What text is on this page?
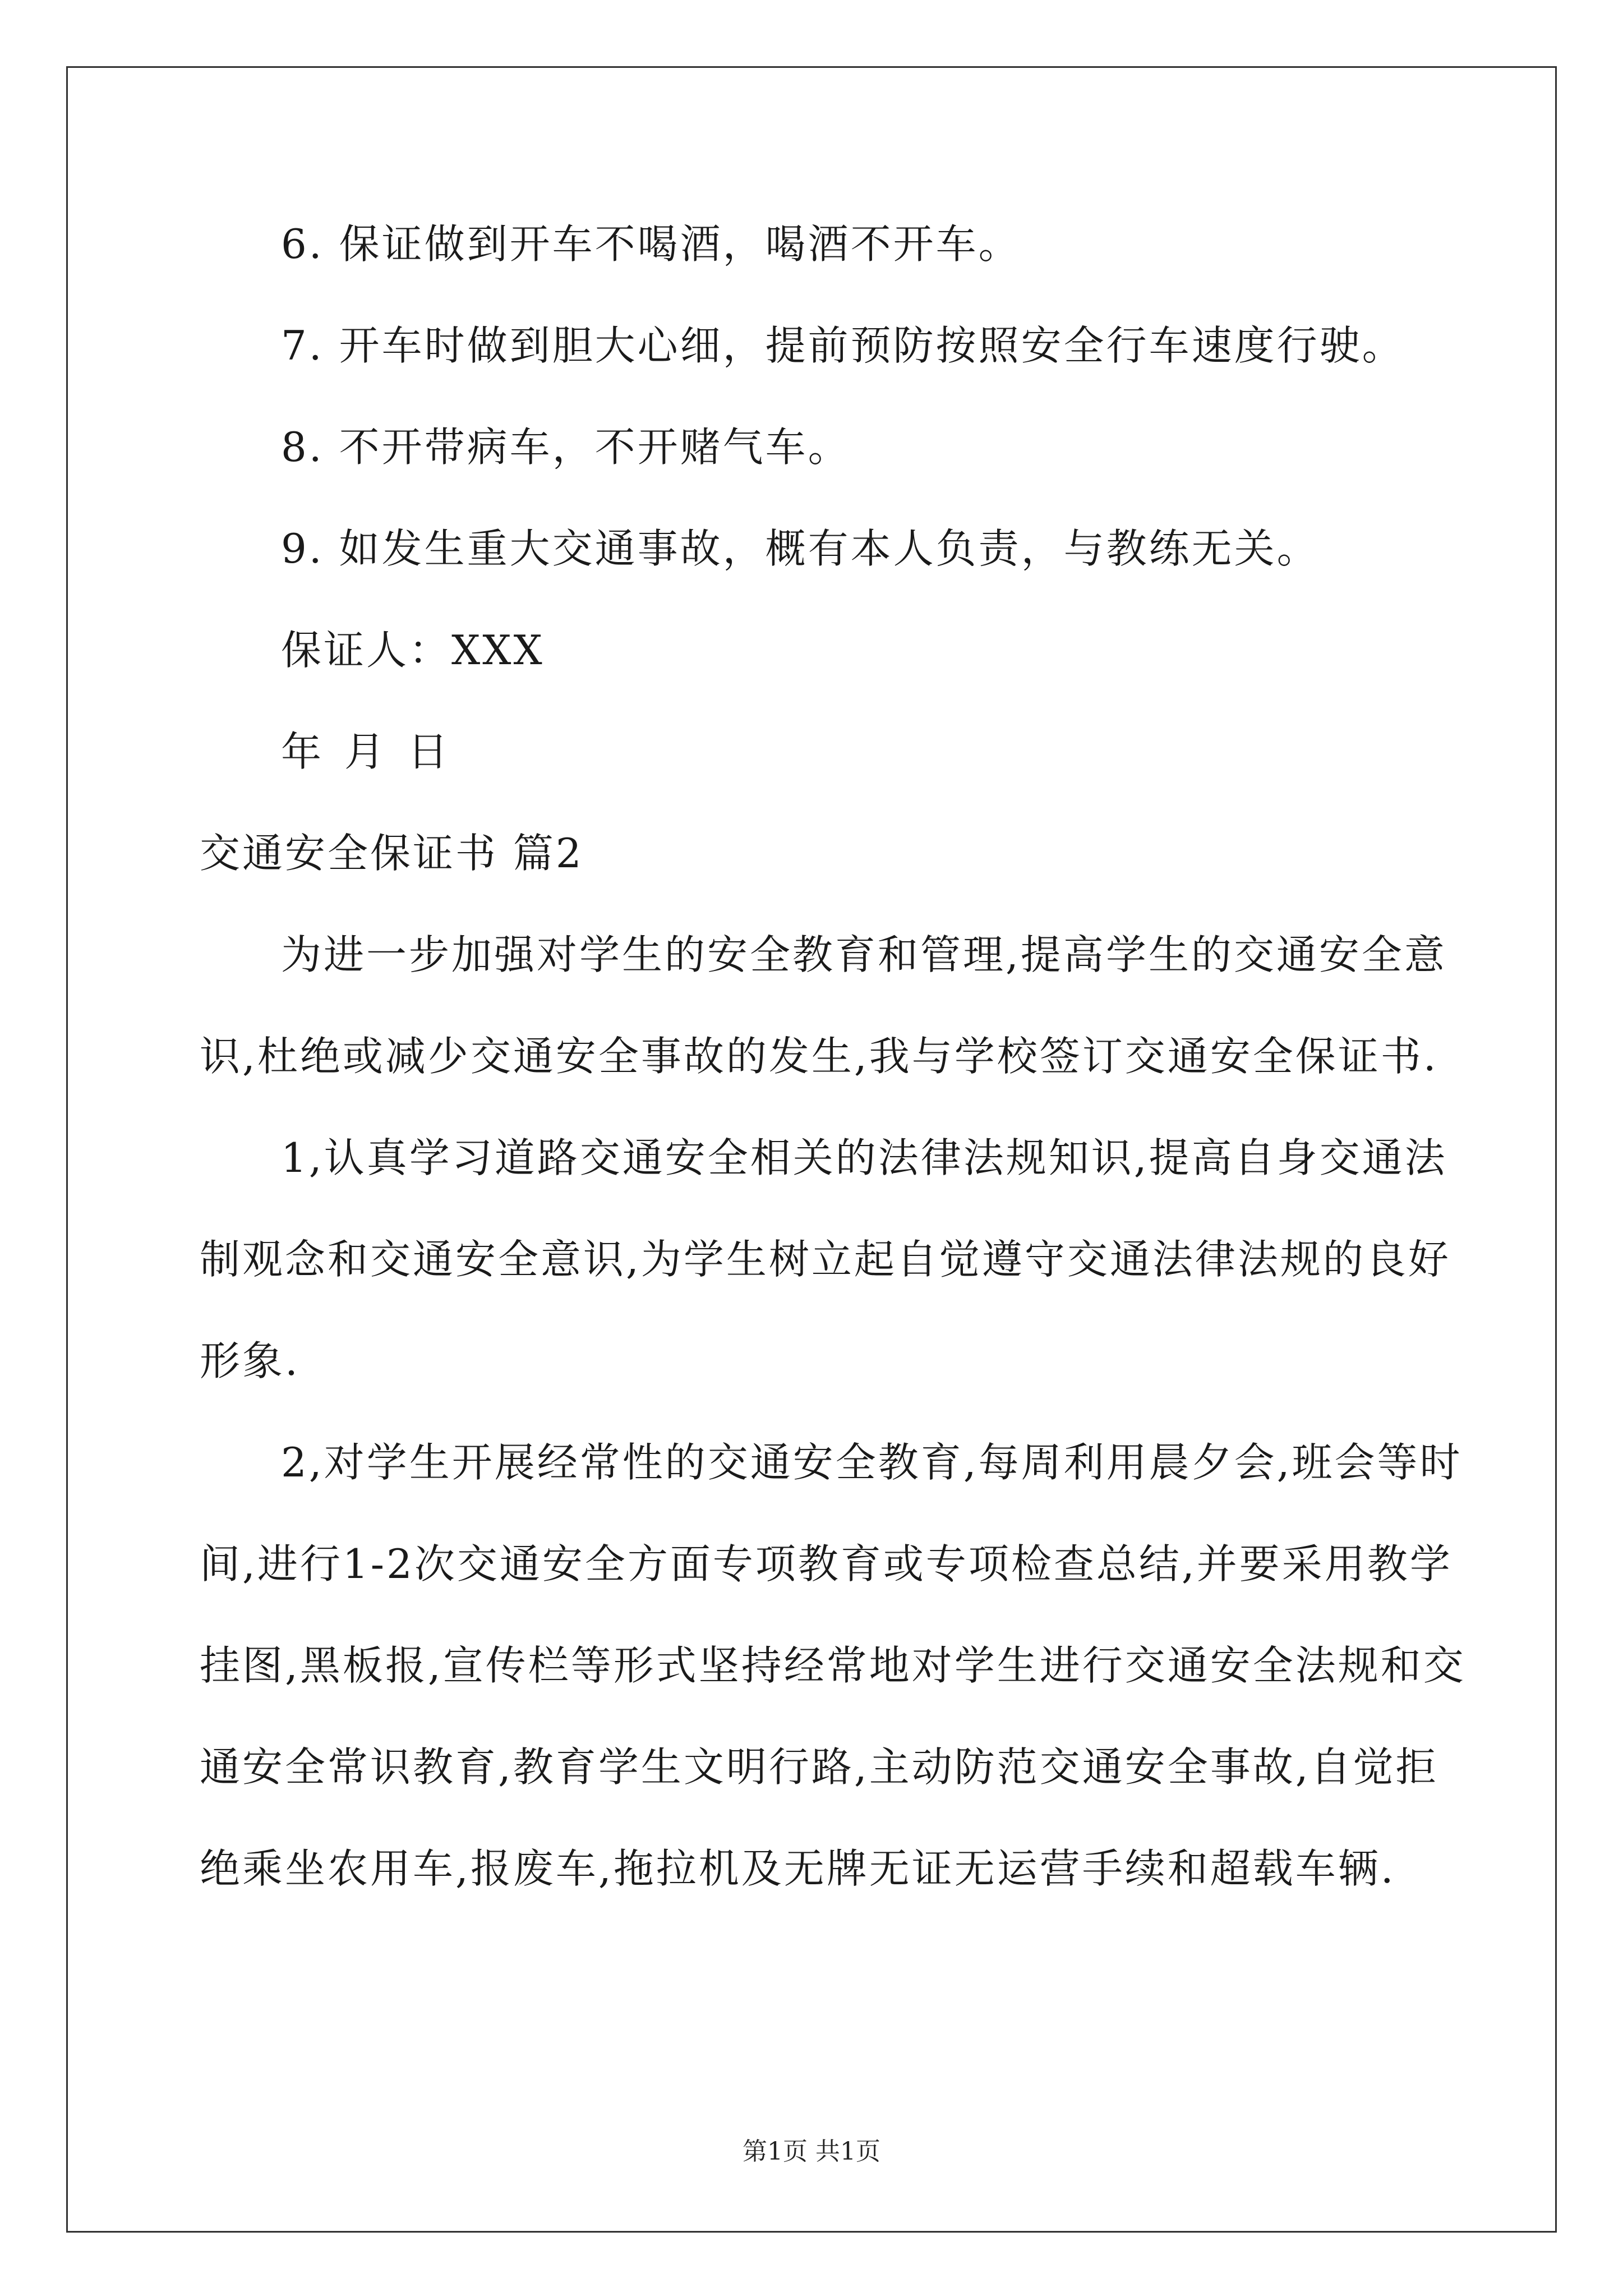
6. 保证做到开车不喝酒，喝酒不开车。
7. 开车时做到胆大心细，提前预防按照安全行车速度行驶。
8. 不开带病车，不开赌气车。
9. 如发生重大交通事故，概有本人负责，与教练无关。
保证人：XXX
年 月 日
交通安全保证书 篇2
为进一步加强对学生的安全教育和管理,提高学生的交通安全意
识,杜绝或减少交通安全事故的发生,我与学校签订交通安全保证书.
1,认真学习道路交通安全相关的法律法规知识,提高自身交通法
制观念和交通安全意识,为学生树立起自觉遵守交通法律法规的良好
形象.
2,对学生开展经常性的交通安全教育,每周利用晨夕会,班会等时
间,进行1-2次交通安全方面专项教育或专项检查总结,并要采用教学
挂图,黑板报,宣传栏等形式坚持经常地对学生进行交通安全法规和交
通安全常识教育,教育学生文明行路,主动防范交通安全事故,自觉拒
绝乘坐农用车,报废车,拖拉机及无牌无证无运营手续和超载车辆.
第1页 共1页
